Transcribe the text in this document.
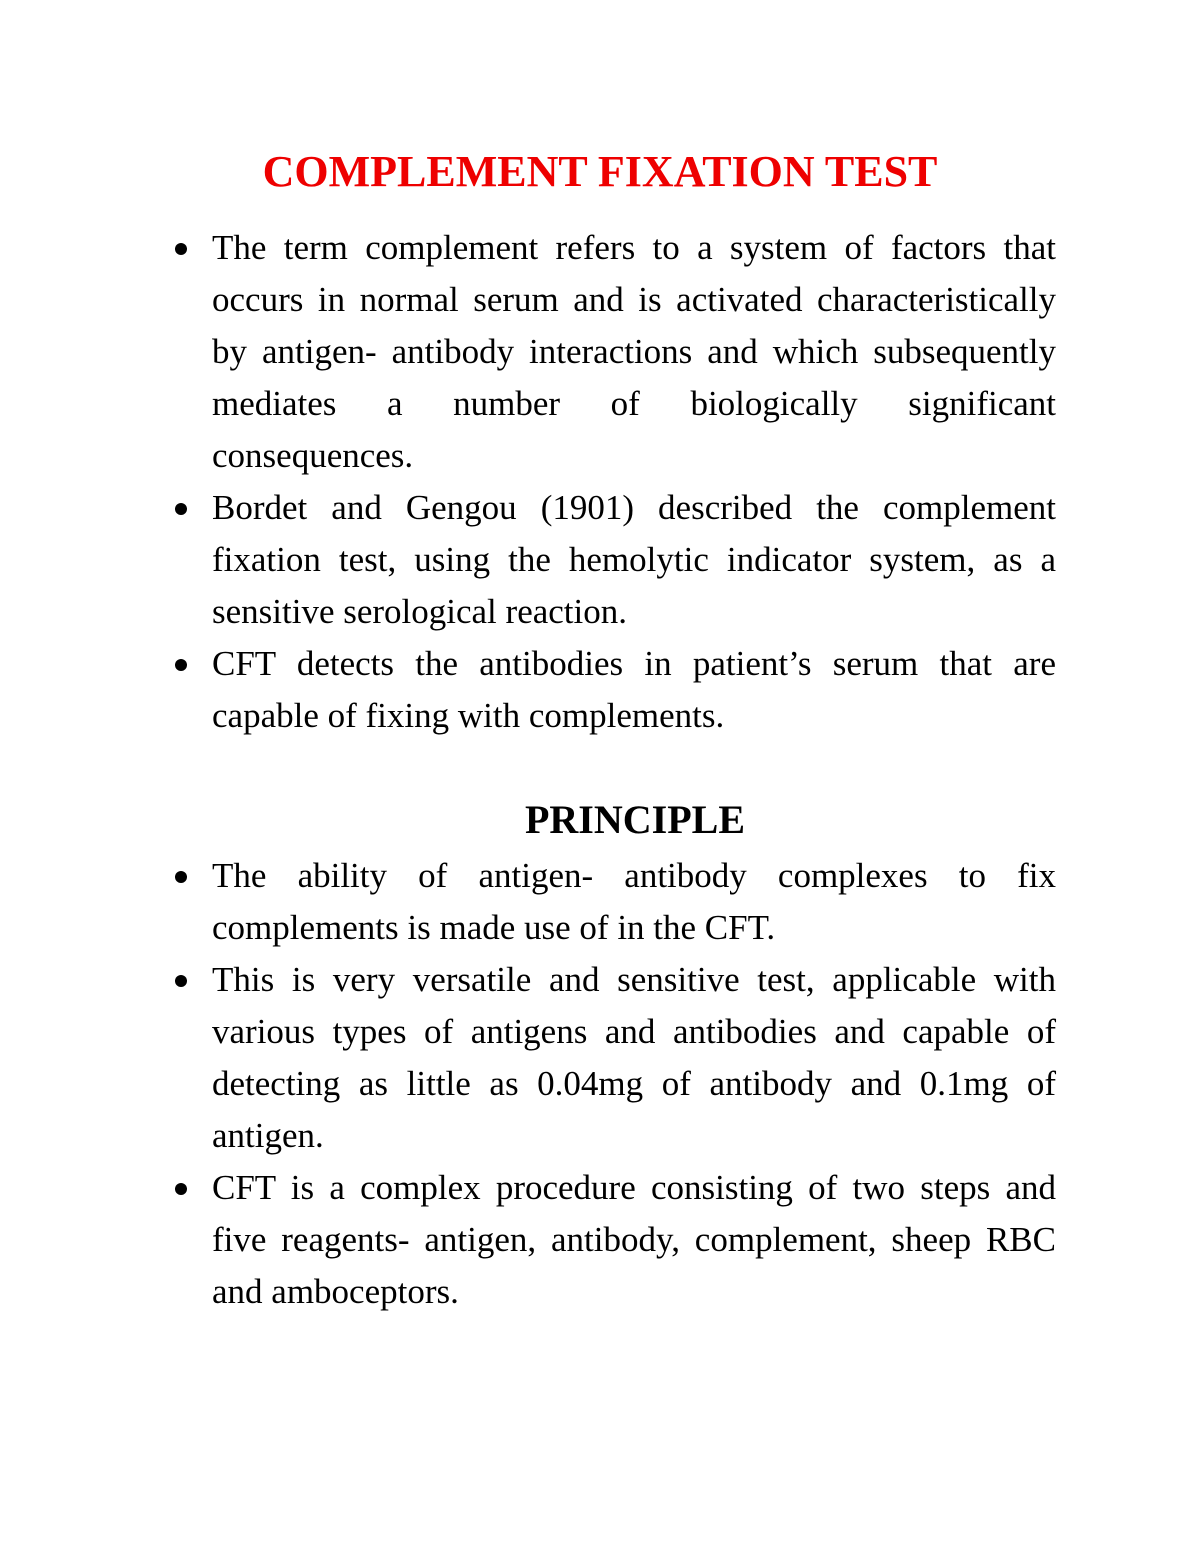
COMPLEMENT FIXATION TEST
The term complement refers to a system of factors that occurs in normal serum and is activated characteristically by antigen- antibody interactions and which subsequently mediates a number of biologically significant consequences.
Bordet and Gengou (1901) described the complement fixation test, using the hemolytic indicator system, as a sensitive serological reaction.
CFT detects the antibodies in patient’s serum that are capable of fixing with complements.
PRINCIPLE
The ability of antigen- antibody complexes to fix complements is made use of in the CFT.
This is very versatile and sensitive test, applicable with various types of antigens and antibodies and capable of detecting as little as 0.04mg of antibody and 0.1mg of antigen.
CFT is a complex procedure consisting of two steps and five reagents- antigen, antibody, complement, sheep RBC and amboceptors.
